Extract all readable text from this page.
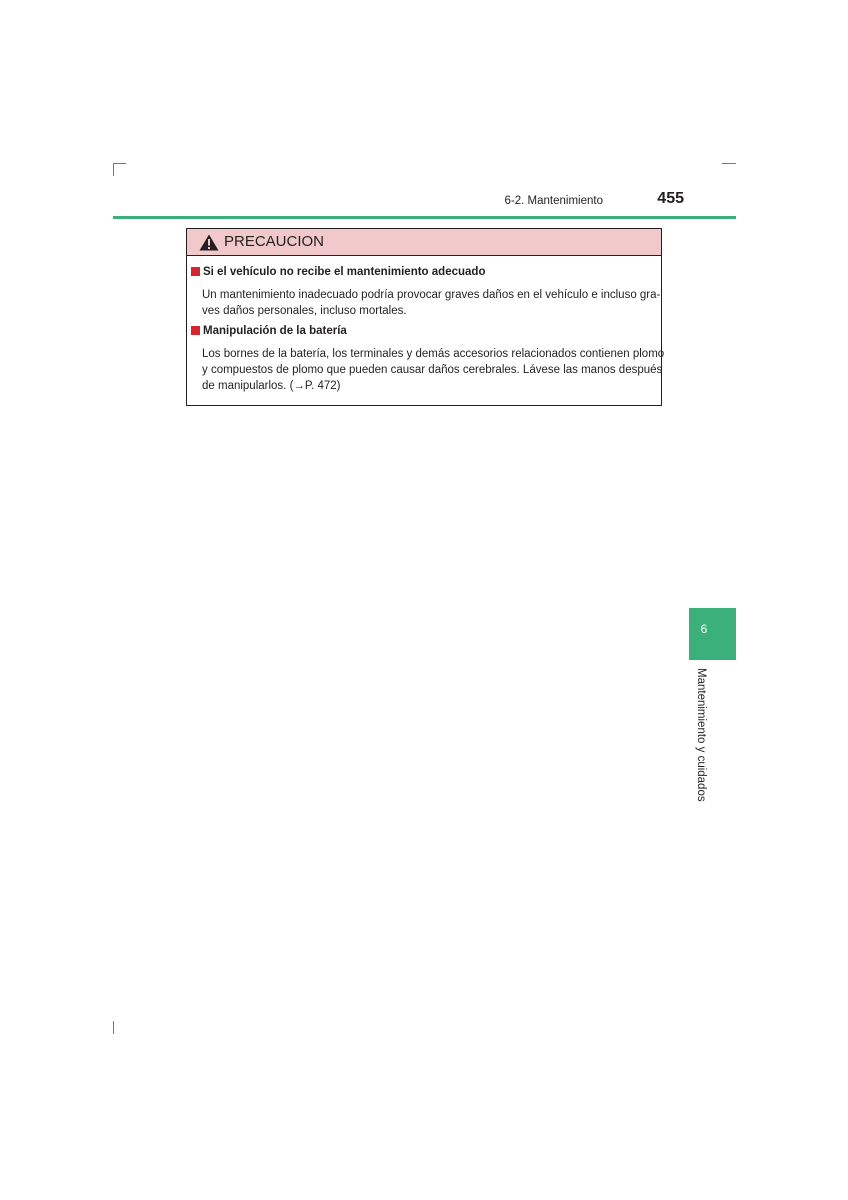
6-2. Mantenimiento	455
PRECAUCION
Si el vehículo no recibe el mantenimiento adecuado
Un mantenimiento inadecuado podría provocar graves daños en el vehículo e incluso gra-
ves daños personales, incluso mortales.
Manipulación de la batería
Los bornes de la batería, los terminales y demás accesorios relacionados contienen plomo
y compuestos de plomo que pueden causar daños cerebrales. Lávese las manos después
de manipularlos. (→P. 472)
6
Mantenimiento y cuidados
